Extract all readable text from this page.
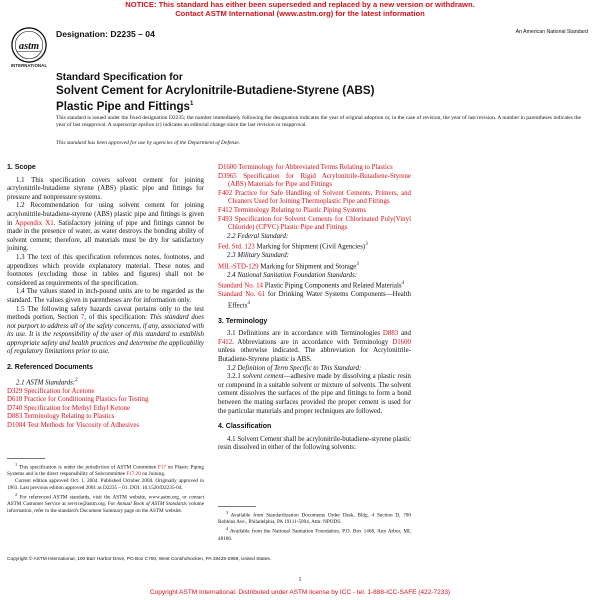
NOTICE: This standard has either been superseded and replaced by a new version or withdrawn.
Contact ASTM International (www.astm.org) for the latest information
astm
INTERNATIONAL
Designation: D2235 – 04	An American National Standard
Standard Specification for
Solvent Cement for Acrylonitrile-Butadiene-Styrene (ABS)
Plastic Pipe and Fittings$^1$
This standard is issued under the fixed designation D2235; the number immediately following the designation indicates the year of original adoption or, in the case of revision, the year of last revision. A number in parentheses indicates the year of last reapproval. A superscript epsilon (ε) indicates an editorial change since the last revision or reapproval.
This standard has been approved for use by agencies of the Department of Defense.

1. Scope

1.1 This specification covers solvent cement for joining acrylonitrile-butadiene styrene (ABS) plastic pipe and fittings for pressure and nonpressure systems.

1.2 Recommendation for using solvent cement for joining acrylonitrile-butadiene-styrene (ABS) plastic pipe and fittings is given in Appendix X1. Satisfactory joining of pipe and fittings cannot be made in the presence of water, as water destroys the bonding ability of solvent cement; therefore, all materials must be dry for satisfactory joining.

1.3 The text of this specification references notes, footnotes, and appendixes which provide explanatory material. These notes and footnotes (excluding those in tables and figures) shall not be considered as requirements of the specification.

1.4 The values stated in inch-pound units are to be regarded as the standard. The values given in parentheses are for information only.

1.5 The following safety hazards caveat pertains only to the test methods portion, Section 7, of this specification: This standard does not purport to address all of the safety concerns, if any, associated with its use. It is the responsibility of the user of this standard to establish appropriate safety and health practices and determine the applicability of regulatory limitations prior to use.

2. Referenced Documents

2.1 ASTM Standards:$^2$

D329 Specification for Acetone

D618 Practice for Conditioning Plastics for Testing

D740 Specification for Methyl Ethyl Ketone

D883 Terminology Relating to Plastics

D1084 Test Methods for Viscosity of Adhesives

$^1$ This specification is under the jurisdiction of ASTM Committee F17 on Plastic Piping Systems and is the direct responsibility of Subcommittee F17.20 on Joining.

Current edition approved Oct. 1, 2004. Published October 2004. Originally approved in 1963. Last previous edition approved 2001 as D2235 – 01. DOI: 10.1520/D2235-04.

$^2$ For referenced ASTM standards, visit the ASTM website, www.astm.org, or contact ASTM Customer Service at service@astm.org. For Annual Book of ASTM Standards volume information, refer to the standard's Document Summary page on the ASTM website.

D1600 Terminology for Abbreviated Terms Relating to Plastics

D3965 Specification for Rigid Acrylonitrile-Butadiene-Styrene (ABS) Materials for Pipe and Fittings

F402 Practice for Safe Handling of Solvent Cements, Primers, and Cleaners Used for Joining Thermoplastic Pipe and Fittings

F412 Terminology Relating to Plastic Piping Systems

F493 Specification for Solvent Cements for Chlorinated Poly(Vinyl Chloride) (CPVC) Plastic Pipe and Fittings

2.2 Federal Standard:

Fed. Std. 123 Marking for Shipment (Civil Agencies)$^3$

2.3 Military Standard:

MIL-STD-129 Marking for Shipment and Storage$^3$

2.4 National Sanitation Foundation Standards:

Standard No. 14 Plastic Piping Components and Related Materials$^4$

Standard No. 61 for Drinking Water Systems Components—Health Effects$^4$

3. Terminology

3.1 Definitions are in accordance with Terminologies D883 and F412. Abbreviations are in accordance with Terminology D1600 unless otherwise indicated. The abbreviation for Acrylonitrile-Butadiene-Styrene plastic is ABS.

3.2 Definition of Term Specific to This Standard:

3.2.1 solvent cement—adhesive made by dissolving a plastic resin or compound in a suitable solvent or mixture of solvents. The solvent cement dissolves the surfaces of the pipe and fittings to form a bond between the mating surfaces provided the proper cement is used for the particular materials and proper techniques are followed.

4. Classification

4.1 Solvent Cement shall be acrylonitrile-butadiene-styrene plastic resin dissolved in either of the following solvents:

$^3$ Available from Standardization Documents Order Desk, Bldg. 4 Section D, 700 Robbins Ave., Philadelphia, PA 19111-5094, Attn: NPODS.

$^4$ Available from the National Sanitation Foundation, P.O. Box 1468, Ann Arbor, MI, 48106.

Copyright © ASTM International, 100 Barr Harbor Drive, PO Box C700, West Conshohocken, PA 19428-2959, United States.
1
Copyright ASTM International. Distributed under ASTM license by ICC - tel. 1-888-ICC-SAFE (422-7233)
